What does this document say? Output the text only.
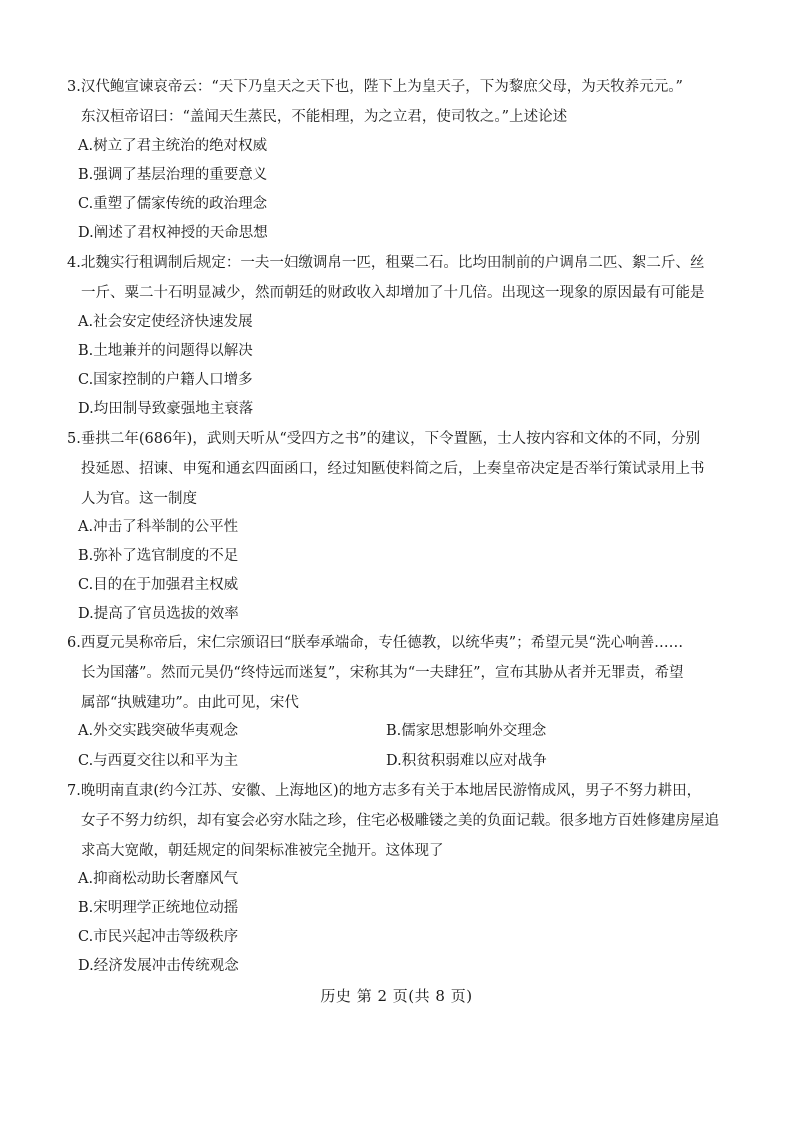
3.汉代鲍宣谏哀帝云：“天下乃皇天之天下也，陛下上为皇天子，下为黎庶父母，为天牧养元元。”
东汉桓帝诏曰：“盖闻天生蒸民，不能相理，为之立君，使司牧之。”上述论述

A.树立了君主统治的绝对权威
B.强调了基层治理的重要意义
C.重塑了儒家传统的政治理念
D.阐述了君权神授的天命思想

4.北魏实行租调制后规定：一夫一妇缴调帛一匹，租粟二石。比均田制前的户调帛二匹、絮二斤、丝
一斤、粟二十石明显减少，然而朝廷的财政收入却增加了十几倍。出现这一现象的原因最有可能是

A.社会安定使经济快速发展
B.土地兼并的问题得以解决
C.国家控制的户籍人口增多
D.均田制导致豪强地主衰落

5.垂拱二年(686年)，武则天听从“受四方之书”的建议，下令置匦，士人按内容和文体的不同，分别
投延恩、招谏、申冤和通玄四面函口，经过知匦使料简之后，上奏皇帝决定是否举行策试录用上书
人为官。这一制度

A.冲击了科举制的公平性
B.弥补了选官制度的不足
C.目的在于加强君主权威
D.提高了官员选拔的效率

6.西夏元昊称帝后，宋仁宗颁诏曰“朕奉承端命，专任德教，以统华夷”；希望元昊“洗心响善……
长为国藩”。然而元昊仍“终恃远而迷复”，宋称其为“一夫肆狂”，宣布其胁从者并无罪责，希望
属部“执贼建功”。由此可见，宋代

A.外交实践突破华夷观念	B.儒家思想影响外交理念
C.与西夏交往以和平为主	D.积贫积弱难以应对战争

7.晚明南直隶(约今江苏、安徽、上海地区)的地方志多有关于本地居民游惰成风，男子不努力耕田，
女子不努力纺织，却有宴会必穷水陆之珍，住宅必极雕镂之美的负面记载。很多地方百姓修建房屋追
求高大宽敞，朝廷规定的间架标准被完全抛开。这体现了

A.抑商松动助长奢靡风气
B.宋明理学正统地位动摇
C.市民兴起冲击等级秩序
D.经济发展冲击传统观念
历史 第 2 页(共 8 页)
